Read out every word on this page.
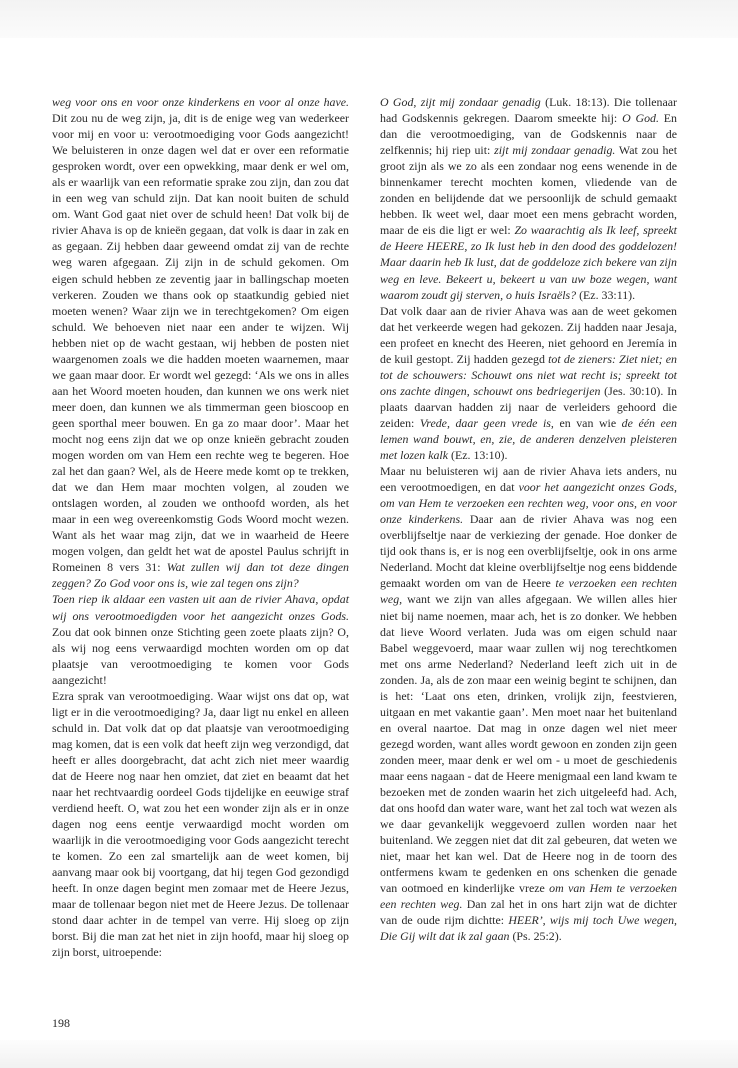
weg voor ons en voor onze kinderkens en voor al onze have. Dit zou nu de weg zijn, ja, dit is de enige weg van wederkeer voor mij en voor u: verootmoediging voor Gods aangezicht! We beluisteren in onze dagen wel dat er over een reformatie gesproken wordt, over een opwekking, maar denk er wel om, als er waarlijk van een reformatie sprake zou zijn, dan zou dat in een weg van schuld zijn. Dat kan nooit buiten de schuld om. Want God gaat niet over de schuld heen! Dat volk bij de rivier Ahava is op de knieën gegaan, dat volk is daar in zak en as gegaan. Zij hebben daar geweend omdat zij van de rechte weg waren afgegaan. Zij zijn in de schuld gekomen. Om eigen schuld hebben ze zeventig jaar in ballingschap moeten verkeren. Zouden we thans ook op staatkundig gebied niet moeten wenen? Waar zijn we in terechtgekomen? Om eigen schuld. We behoeven niet naar een ander te wijzen. Wij hebben niet op de wacht gestaan, wij hebben de posten niet waargenomen zoals we die hadden moeten waarnemen, maar we gaan maar door. Er wordt wel gezegd: ‘Als we ons in alles aan het Woord moeten houden, dan kunnen we ons werk niet meer doen, dan kunnen we als timmerman geen bioscoop en geen sporthal meer bouwen. En ga zo maar door’. Maar het mocht nog eens zijn dat we op onze knieën gebracht zouden mogen worden om van Hem een rechte weg te begeren. Hoe zal het dan gaan? Wel, als de Heere mede komt op te trekken, dat we dan Hem maar mochten volgen, al zouden we ontslagen worden, al zouden we onthoofd worden, als het maar in een weg overeenkomstig Gods Woord mocht wezen. Want als het waar mag zijn, dat we in waarheid de Heere mogen volgen, dan geldt het wat de apostel Paulus schrijft in Romeinen 8 vers 31: Wat zullen wij dan tot deze dingen zeggen? Zo God voor ons is, wie zal tegen ons zijn?

Toen riep ik aldaar een vasten uit aan de rivier Ahava, opdat wij ons verootmoedigden voor het aangezicht onzes Gods. Zou dat ook binnen onze Stichting geen zoete plaats zijn? O, als wij nog eens verwaardigd mochten worden om op dat plaatsje van verootmoediging te komen voor Gods aangezicht!

Ezra sprak van verootmoediging. Waar wijst ons dat op, wat ligt er in die verootmoediging? Ja, daar ligt nu enkel en alleen schuld in. Dat volk dat op dat plaatsje van verootmoediging mag komen, dat is een volk dat heeft zijn weg verzondigd, dat heeft er alles doorgebracht, dat acht zich niet meer waardig dat de Heere nog naar hen omziet, dat ziet en beaamt dat het naar het rechtvaardig oordeel Gods tijdelijke en eeuwige straf verdiend heeft. O, wat zou het een wonder zijn als er in onze dagen nog eens eentje verwaardigd mocht worden om waarlijk in die verootmoediging voor Gods aangezicht terecht te komen. Zo een zal smartelijk aan de weet komen, bij aanvang maar ook bij voortgang, dat hij tegen God gezondigd heeft. In onze dagen begint men zomaar met de Heere Jezus, maar de tollenaar begon niet met de Heere Jezus. De tollenaar stond daar achter in de tempel van verre. Hij sloeg op zijn borst. Bij die man zat het niet in zijn hoofd, maar hij sloeg op zijn borst, uitroepende:

O God, zijt mij zondaar genadig (Luk. 18:13). Die tollenaar had Godskennis gekregen. Daarom smeekte hij: O God. En dan die verootmoediging, van de Godskennis naar de zelfkennis; hij riep uit: zijt mij zondaar genadig. Wat zou het groot zijn als we zo als een zondaar nog eens wenende in de binnenkamer terecht mochten komen, vliedende van de zonden en belijdende dat we persoonlijk de schuld gemaakt hebben. Ik weet wel, daar moet een mens gebracht worden, maar de eis die ligt er wel: Zo waarachtig als Ik leef, spreekt de Heere HEERE, zo Ik lust heb in den dood des goddelozen! Maar daarin heb Ik lust, dat de goddeloze zich bekere van zijn weg en leve. Bekeert u, bekeert u van uw boze wegen, want waarom zoudt gij sterven, o huis Israëls? (Ez. 33:11).

Dat volk daar aan de rivier Ahava was aan de weet gekomen dat het verkeerde wegen had gekozen. Zij hadden naar Jesaja, een profeet en knecht des Heeren, niet gehoord en Jeremía in de kuil gestopt. Zij hadden gezegd tot de zieners: Ziet niet; en tot de schouwers: Schouwt ons niet wat recht is; spreekt tot ons zachte dingen, schouwt ons bedriegerijen (Jes. 30:10). In plaats daarvan hadden zij naar de verleiders gehoord die zeiden: Vrede, daar geen vrede is, en van wie de één een lemen wand bouwt, en, zie, de anderen denzelven pleisteren met lozen kalk (Ez. 13:10).

Maar nu beluisteren wij aan de rivier Ahava iets anders, nu een verootmoedigen, en dat voor het aangezicht onzes Gods, om van Hem te verzoeken een rechten weg, voor ons, en voor onze kinderkens. Daar aan de rivier Ahava was nog een overblijfseltje naar de verkiezing der genade. Hoe donker de tijd ook thans is, er is nog een overblijfseltje, ook in ons arme Nederland. Mocht dat kleine overblijfseltje nog eens biddende gemaakt worden om van de Heere te verzoeken een rechten weg, want we zijn van alles afgegaan. We willen alles hier niet bij name noemen, maar ach, het is zo donker. We hebben dat lieve Woord verlaten. Juda was om eigen schuld naar Babel weggevoerd, maar waar zullen wij nog terechtkomen met ons arme Nederland? Nederland leeft zich uit in de zonden. Ja, als de zon maar een weinig begint te schijnen, dan is het: ‘Laat ons eten, drinken, vrolijk zijn, feestvieren, uitgaan en met vakantie gaan’. Men moet naar het buitenland en overal naartoe. Dat mag in onze dagen wel niet meer gezegd worden, want alles wordt gewoon en zonden zijn geen zonden meer, maar denk er wel om - u moet de geschiedenis maar eens nagaan - dat de Heere menigmaal een land kwam te bezoeken met de zonden waarin het zich uitgeleefd had. Ach, dat ons hoofd dan water ware, want het zal toch wat wezen als we daar gevankelijk weggevoerd zullen worden naar het buitenland. We zeggen niet dat dit zal gebeuren, dat weten we niet, maar het kan wel. Dat de Heere nog in de toorn des ontfermens kwam te gedenken en ons schenken die genade van ootmoed en kinderlijke vreze om van Hem te verzoeken een rechten weg. Dan zal het in ons hart zijn wat de dichter van de oude rijm dichtte: HEER’, wijs mij toch Uwe wegen, Die Gij wilt dat ik zal gaan (Ps. 25:2).

198
